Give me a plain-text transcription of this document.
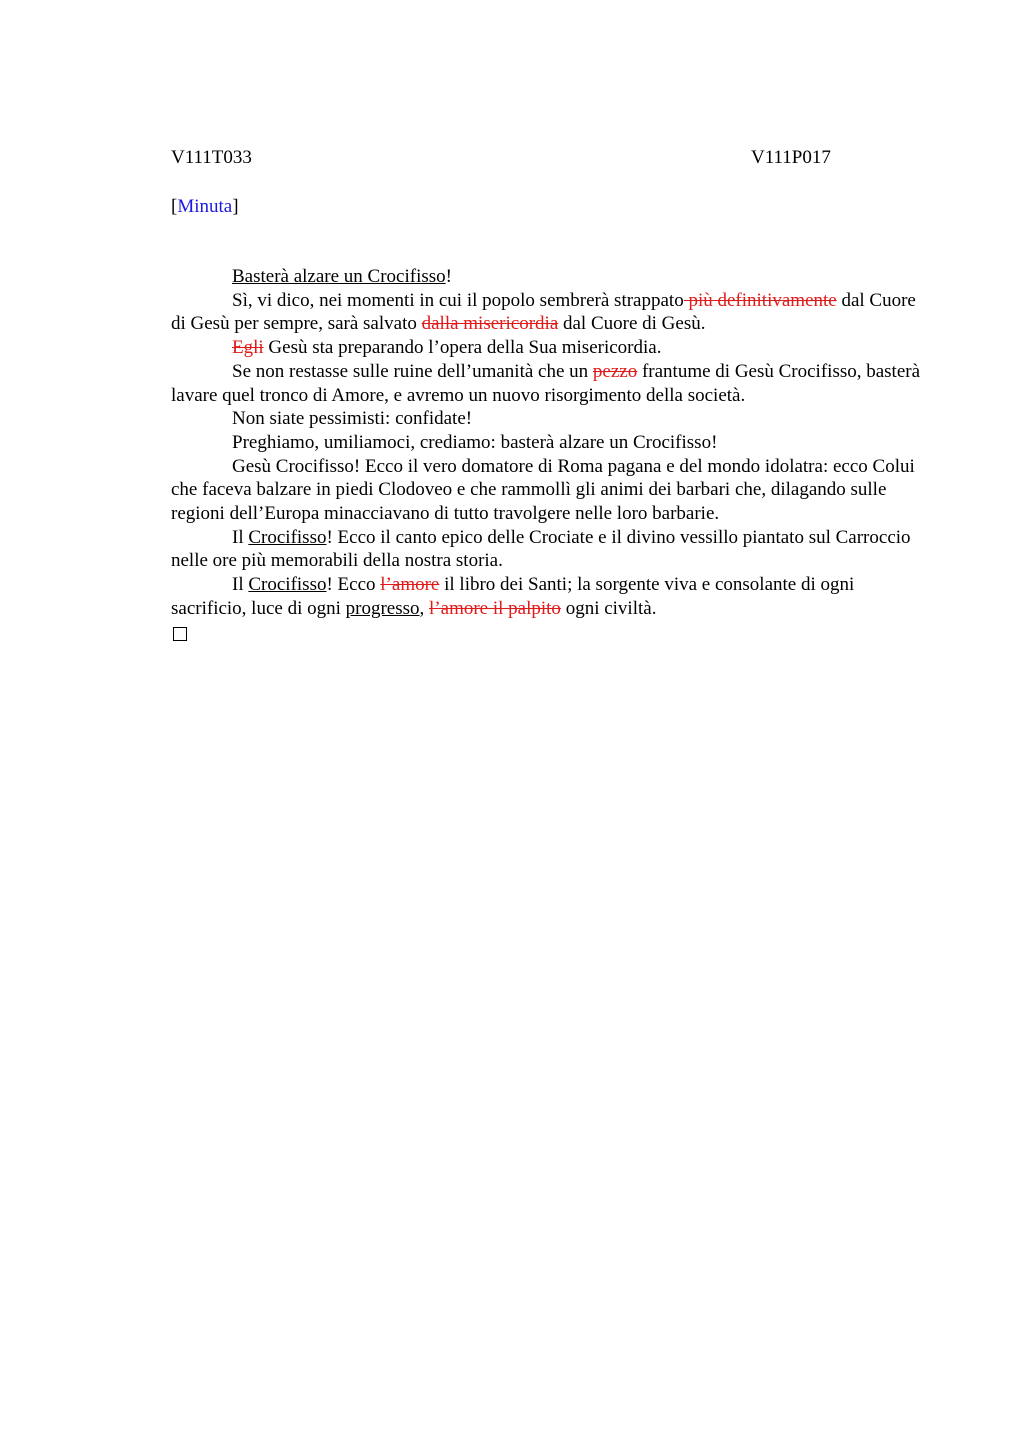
V111T033	V111P017
[Minuta]

Basterà alzare un Crocifisso!

Sì, vi dico, nei momenti in cui il popolo sembrerà strappato più definitivamente dal Cuore di Gesù per sempre, sarà salvato dalla misericordia dal Cuore di Gesù.

Egli Gesù sta preparando l’opera della Sua misericordia.

Se non restasse sulle ruine dell’umanità che un pezzo frantume di Gesù Crocifisso, basterà lavare quel tronco di Amore, e avremo un nuovo risorgimento della società.

Non siate pessimisti: confidate!

Preghiamo, umiliamoci, crediamo: basterà alzare un Crocifisso!

Gesù Crocifisso! Ecco il vero domatore di Roma pagana e del mondo idolatra: ecco Colui che faceva balzare in piedi Clodoveo e che rammollì gli animi dei barbari che, dilagando sulle regioni dell’Europa minacciavano di tutto travolgere nelle loro barbarie.

Il Crocifisso! Ecco il canto epico delle Crociate e il divino vessillo piantato sul Carroccio nelle ore più memorabili della nostra storia.

Il Crocifisso! Ecco l’amore il libro dei Santi; la sorgente viva e consolante di ogni sacrificio, luce di ogni progresso, l’amore il palpito ogni civiltà.
